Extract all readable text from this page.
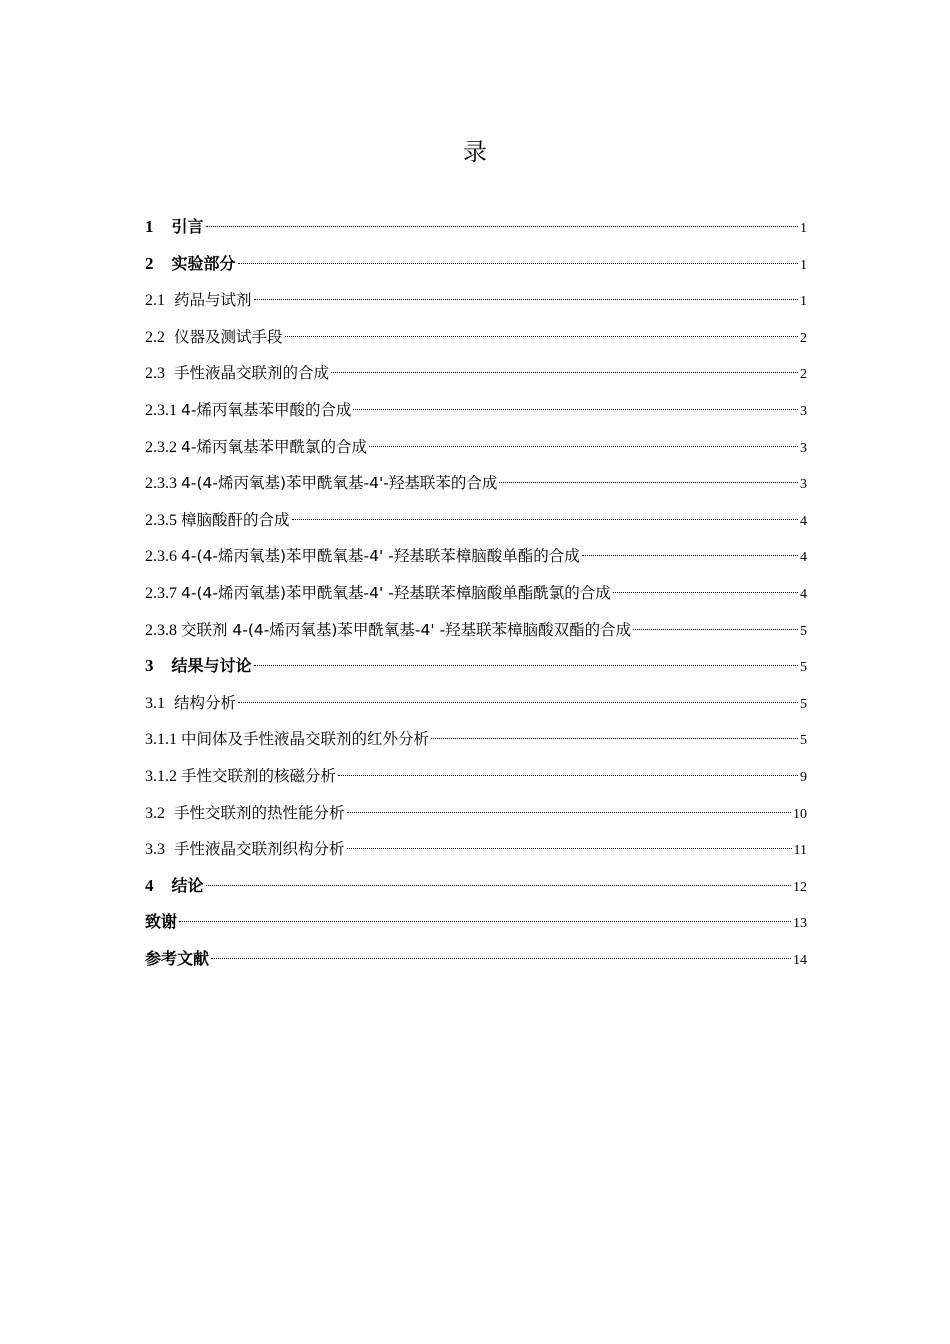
录
1 引言	1
2 实验部分	1
2.1 药品与试剂	1
2.2 仪器及测试手段	2
2.3 手性液晶交联剂的合成	2
2.3.1 4-烯丙氧基苯甲酸的合成	3
2.3.2 4-烯丙氧基苯甲酰氯的合成	3
2.3.3 4-(4-烯丙氧基)苯甲酰氧基-4'-羟基联苯的合成	3
2.3.5 樟脑酸酐的合成	4
2.3.6 4-(4-烯丙氧基)苯甲酰氧基-4' -羟基联苯樟脑酸单酯的合成	4
2.3.7 4-(4-烯丙氧基)苯甲酰氧基-4' -羟基联苯樟脑酸单酯酰氯的合成	4
2.3.8 交联剂 4-(4-烯丙氧基)苯甲酰氧基-4' -羟基联苯樟脑酸双酯的合成	5
3 结果与讨论	5
3.1 结构分析	5
3.1.1 中间体及手性液晶交联剂的红外分析	5
3.1.2 手性交联剂的核磁分析	9
3.2 手性交联剂的热性能分析	10
3.3 手性液晶交联剂织构分析	11
4 结论	12
致谢	13
参考文献	14
